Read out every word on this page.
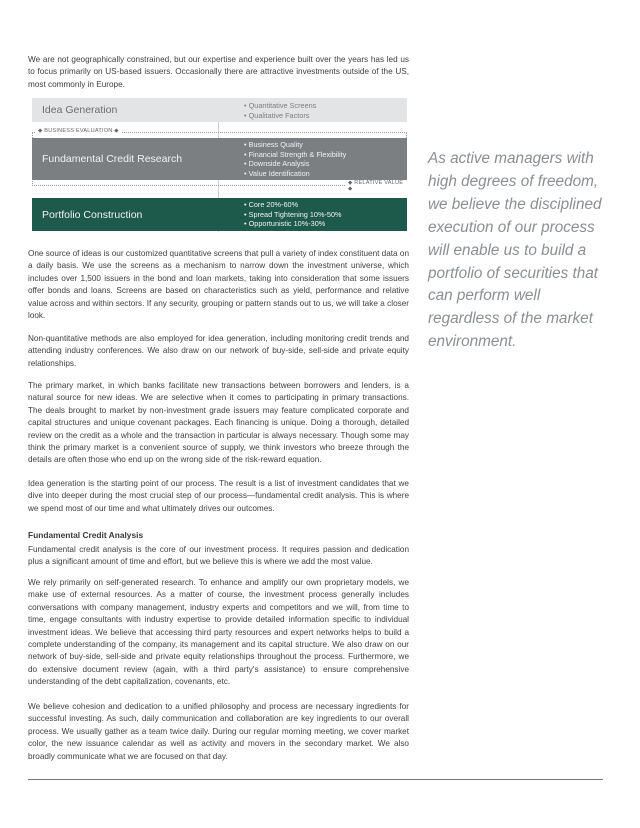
We are not geographically constrained, but our expertise and experience built over the years has led us to focus primarily on US-based issuers. Occasionally there are attractive investments outside of the US, most commonly in Europe.

Idea Generation
•	Quantitative Screens
• Qualitative Factors
◆ BUSINESS EVALUATION ◆
Fundamental Credit Research
• Business Quality
• Financial Strength & Flexibility
• Downside Analysis
• Value Identification
◆ RELATIVE VALUE ◆
Portfolio Construction
• Core 20%-60%
• Spread Tightening 10%-50%
• Opportunistic 10%-30%

As active managers with high degrees of freedom, we believe the disciplined execution of our process will enable us to build a portfolio of securities that can perform well regardless of the market environment.

One source of ideas is our customized quantitative screens that pull a variety of index constituent data on a daily basis. We use the screens as a mechanism to narrow down the investment universe, which includes over 1,500 issuers in the bond and loan markets, taking into consideration that some issuers offer bonds and loans. Screens are based on characteristics such as yield, performance and relative value across and within sectors. If any security, grouping or pattern stands out to us, we will take a closer look.

Non-quantitative methods are also employed for idea generation, including monitoring credit trends and attending industry conferences. We also draw on our network of buy-side, sell-side and private equity relationships.

The primary market, in which banks facilitate new transactions between borrowers and lenders, is a natural source for new ideas. We are selective when it comes to participating in primary transactions. The deals brought to market by non-investment grade issuers may feature complicated corporate and capital structures and unique covenant packages. Each financing is unique. Doing a thorough, detailed review on the credit as a whole and the transaction in particular is always necessary. Though some may think the primary market is a convenient source of supply, we think investors who breeze through the details are often those who end up on the wrong side of the risk-reward equation.

Idea generation is the starting point of our process. The result is a list of investment candidates that we dive into deeper during the most crucial step of our process—fundamental credit analysis. This is where we spend most of our time and what ultimately drives our outcomes.

Fundamental Credit Analysis

Fundamental credit analysis is the core of our investment process. It requires passion and dedication plus a significant amount of time and effort, but we believe this is where we add the most value.

We rely primarily on self-generated research. To enhance and amplify our own proprietary models, we make use of external resources. As a matter of course, the investment process generally includes conversations with company management, industry experts and competitors and we will, from time to time, engage consultants with industry expertise to provide detailed information specific to individual investment ideas. We believe that accessing third party resources and expert networks helps to build a complete understanding of the company, its management and its capital structure. We also draw on our network of buy-side, sell-side and private equity relationships throughout the process. Furthermore, we do extensive document review (again, with a third party's assistance) to ensure comprehensive understanding of the debt capitalization, covenants, etc.

We believe cohesion and dedication to a unified philosophy and process are necessary ingredients for successful investing. As such, daily communication and collaboration are key ingredients to our overall process. We usually gather as a team twice daily. During our regular morning meeting, we cover market color, the new issuance calendar as well as activity and movers in the secondary market. We also broadly communicate what we are focused on that day.
